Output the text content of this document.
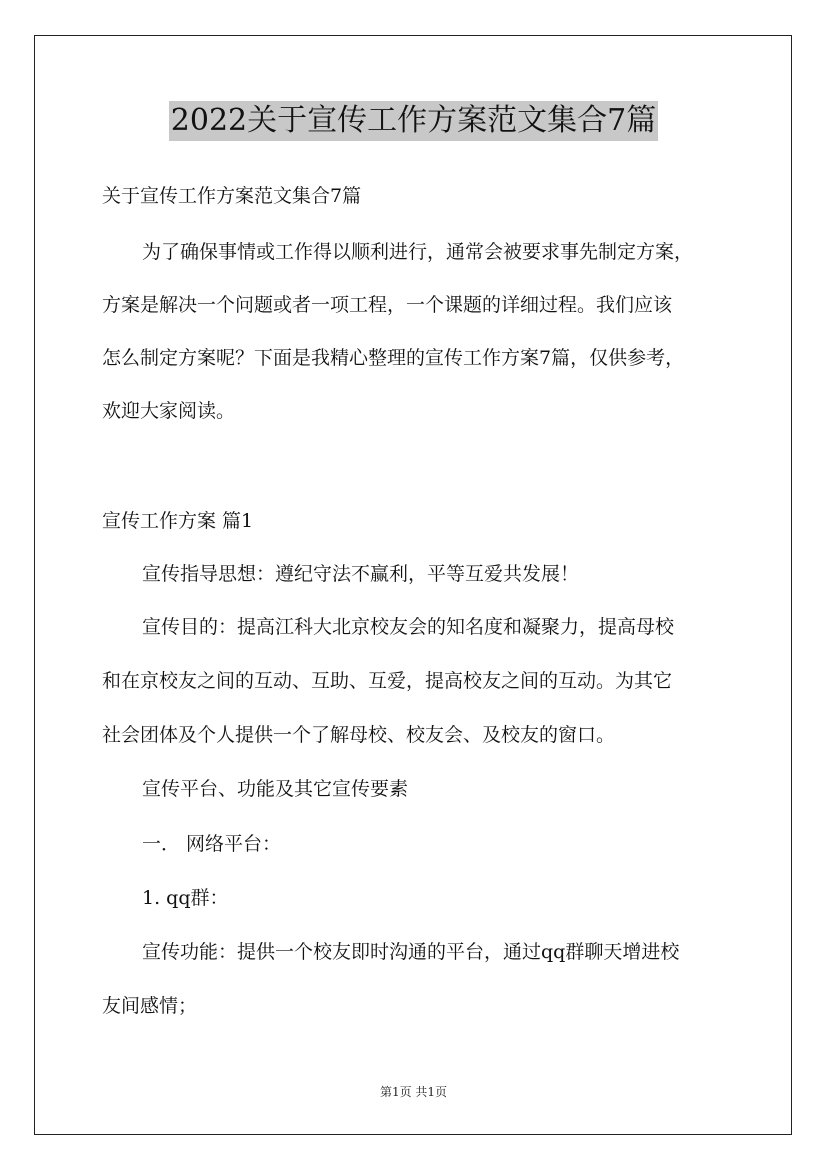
2022关于宣传工作方案范文集合7篇
关于宣传工作方案范文集合7篇
为了确保事情或工作得以顺利进行，通常会被要求事先制定方案，
方案是解决一个问题或者一项工程，一个课题的详细过程。我们应该
怎么制定方案呢？下面是我精心整理的宣传工作方案7篇，仅供参考，
欢迎大家阅读。
宣传工作方案 篇1
宣传指导思想：遵纪守法不赢利，平等互爱共发展！
宣传目的：提高江科大北京校友会的知名度和凝聚力，提高母校
和在京校友之间的互动、互助、互爱，提高校友之间的互动。为其它
社会团体及个人提供一个了解母校、校友会、及校友的窗口。
宣传平台、功能及其它宣传要素
一． 网络平台：
1. qq群：
宣传功能：提供一个校友即时沟通的平台，通过qq群聊天增进校
友间感情；
第1页 共1页
